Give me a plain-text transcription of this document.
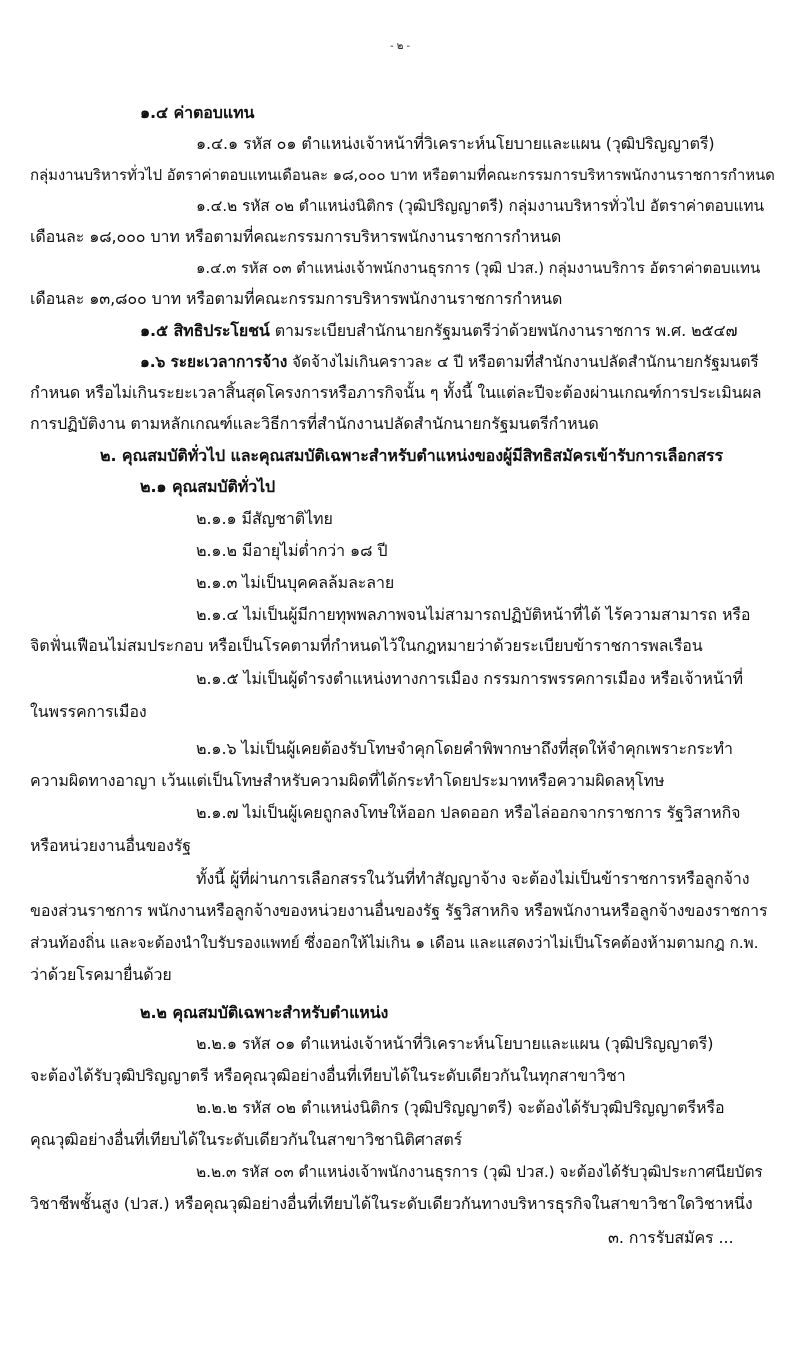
- ๒ -
๑.๔ ค่าตอบแทน
๑.๔.๑ รหัส ๐๑ ตำแหน่งเจ้าหน้าที่วิเคราะห์นโยบายและแผน (วุฒิปริญญาตรี)
กลุ่มงานบริหารทั่วไป อัตราค่าตอบแทนเดือนละ ๑๘,๐๐๐ บาท หรือตามที่คณะกรรมการบริหารพนักงานราชการกำหนด
๑.๔.๒ รหัส ๐๒ ตำแหน่งนิติกร (วุฒิปริญญาตรี) กลุ่มงานบริหารทั่วไป อัตราค่าตอบแทน
เดือนละ ๑๘,๐๐๐ บาท หรือตามที่คณะกรรมการบริหารพนักงานราชการกำหนด
๑.๔.๓ รหัส ๐๓ ตำแหน่งเจ้าพนักงานธุรการ (วุฒิ ปวส.) กลุ่มงานบริการ อัตราค่าตอบแทน
เดือนละ ๑๓,๘๐๐ บาท หรือตามที่คณะกรรมการบริหารพนักงานราชการกำหนด
๑.๕ สิทธิประโยชน์ ตามระเบียบสำนักนายกรัฐมนตรีว่าด้วยพนักงานราชการ พ.ศ. ๒๕๔๗
๑.๖ ระยะเวลาการจ้าง จัดจ้างไม่เกินคราวละ ๔ ปี หรือตามที่สำนักงานปลัดสำนักนายกรัฐมนตรี
กำหนด หรือไม่เกินระยะเวลาสิ้นสุดโครงการหรือภารกิจนั้น ๆ ทั้งนี้ ในแต่ละปีจะต้องผ่านเกณฑ์การประเมินผล
การปฏิบัติงาน ตามหลักเกณฑ์และวิธีการที่สำนักงานปลัดสำนักนายกรัฐมนตรีกำหนด
๒. คุณสมบัติทั่วไป และคุณสมบัติเฉพาะสำหรับตำแหน่งของผู้มีสิทธิสมัครเข้ารับการเลือกสรร
๒.๑ คุณสมบัติทั่วไป
๒.๑.๑ มีสัญชาติไทย
๒.๑.๒ มีอายุไม่ต่ำกว่า ๑๘ ปี
๒.๑.๓ ไม่เป็นบุคคลล้มละลาย
๒.๑.๔ ไม่เป็นผู้มีกายทุพพลภาพจนไม่สามารถปฏิบัติหน้าที่ได้ ไร้ความสามารถ หรือ
จิตฟั่นเฟือนไม่สมประกอบ หรือเป็นโรคตามที่กำหนดไว้ในกฎหมายว่าด้วยระเบียบข้าราชการพลเรือน
๒.๑.๕ ไม่เป็นผู้ดำรงตำแหน่งทางการเมือง กรรมการพรรคการเมือง หรือเจ้าหน้าที่
ในพรรคการเมือง
๒.๑.๖ ไม่เป็นผู้เคยต้องรับโทษจำคุกโดยคำพิพากษาถึงที่สุดให้จำคุกเพราะกระทำ
ความผิดทางอาญา เว้นแต่เป็นโทษสำหรับความผิดที่ได้กระทำโดยประมาทหรือความผิดลหุโทษ
๒.๑.๗ ไม่เป็นผู้เคยถูกลงโทษให้ออก ปลดออก หรือไล่ออกจากราชการ รัฐวิสาหกิจ
หรือหน่วยงานอื่นของรัฐ
ทั้งนี้ ผู้ที่ผ่านการเลือกสรรในวันที่ทำสัญญาจ้าง จะต้องไม่เป็นข้าราชการหรือลูกจ้าง
ของส่วนราชการ พนักงานหรือลูกจ้างของหน่วยงานอื่นของรัฐ รัฐวิสาหกิจ หรือพนักงานหรือลูกจ้างของราชการ
ส่วนท้องถิ่น และจะต้องนำใบรับรองแพทย์ ซึ่งออกให้ไม่เกิน ๑ เดือน และแสดงว่าไม่เป็นโรคต้องห้ามตามกฎ ก.พ.
ว่าด้วยโรคมายื่นด้วย
๒.๒ คุณสมบัติเฉพาะสำหรับตำแหน่ง
๒.๒.๑ รหัส ๐๑ ตำแหน่งเจ้าหน้าที่วิเคราะห์นโยบายและแผน (วุฒิปริญญาตรี)
จะต้องได้รับวุฒิปริญญาตรี หรือคุณวุฒิอย่างอื่นที่เทียบได้ในระดับเดียวกันในทุกสาขาวิชา
๒.๒.๒ รหัส ๐๒ ตำแหน่งนิติกร (วุฒิปริญญาตรี) จะต้องได้รับวุฒิปริญญาตรีหรือ
คุณวุฒิอย่างอื่นที่เทียบได้ในระดับเดียวกันในสาขาวิชานิติศาสตร์
๒.๒.๓ รหัส ๐๓ ตำแหน่งเจ้าพนักงานธุรการ (วุฒิ ปวส.) จะต้องได้รับวุฒิประกาศนียบัตร
วิชาชีพชั้นสูง (ปวส.) หรือคุณวุฒิอย่างอื่นที่เทียบได้ในระดับเดียวกันทางบริหารธุรกิจในสาขาวิชาใดวิชาหนึ่ง
๓. การรับสมัคร ...
